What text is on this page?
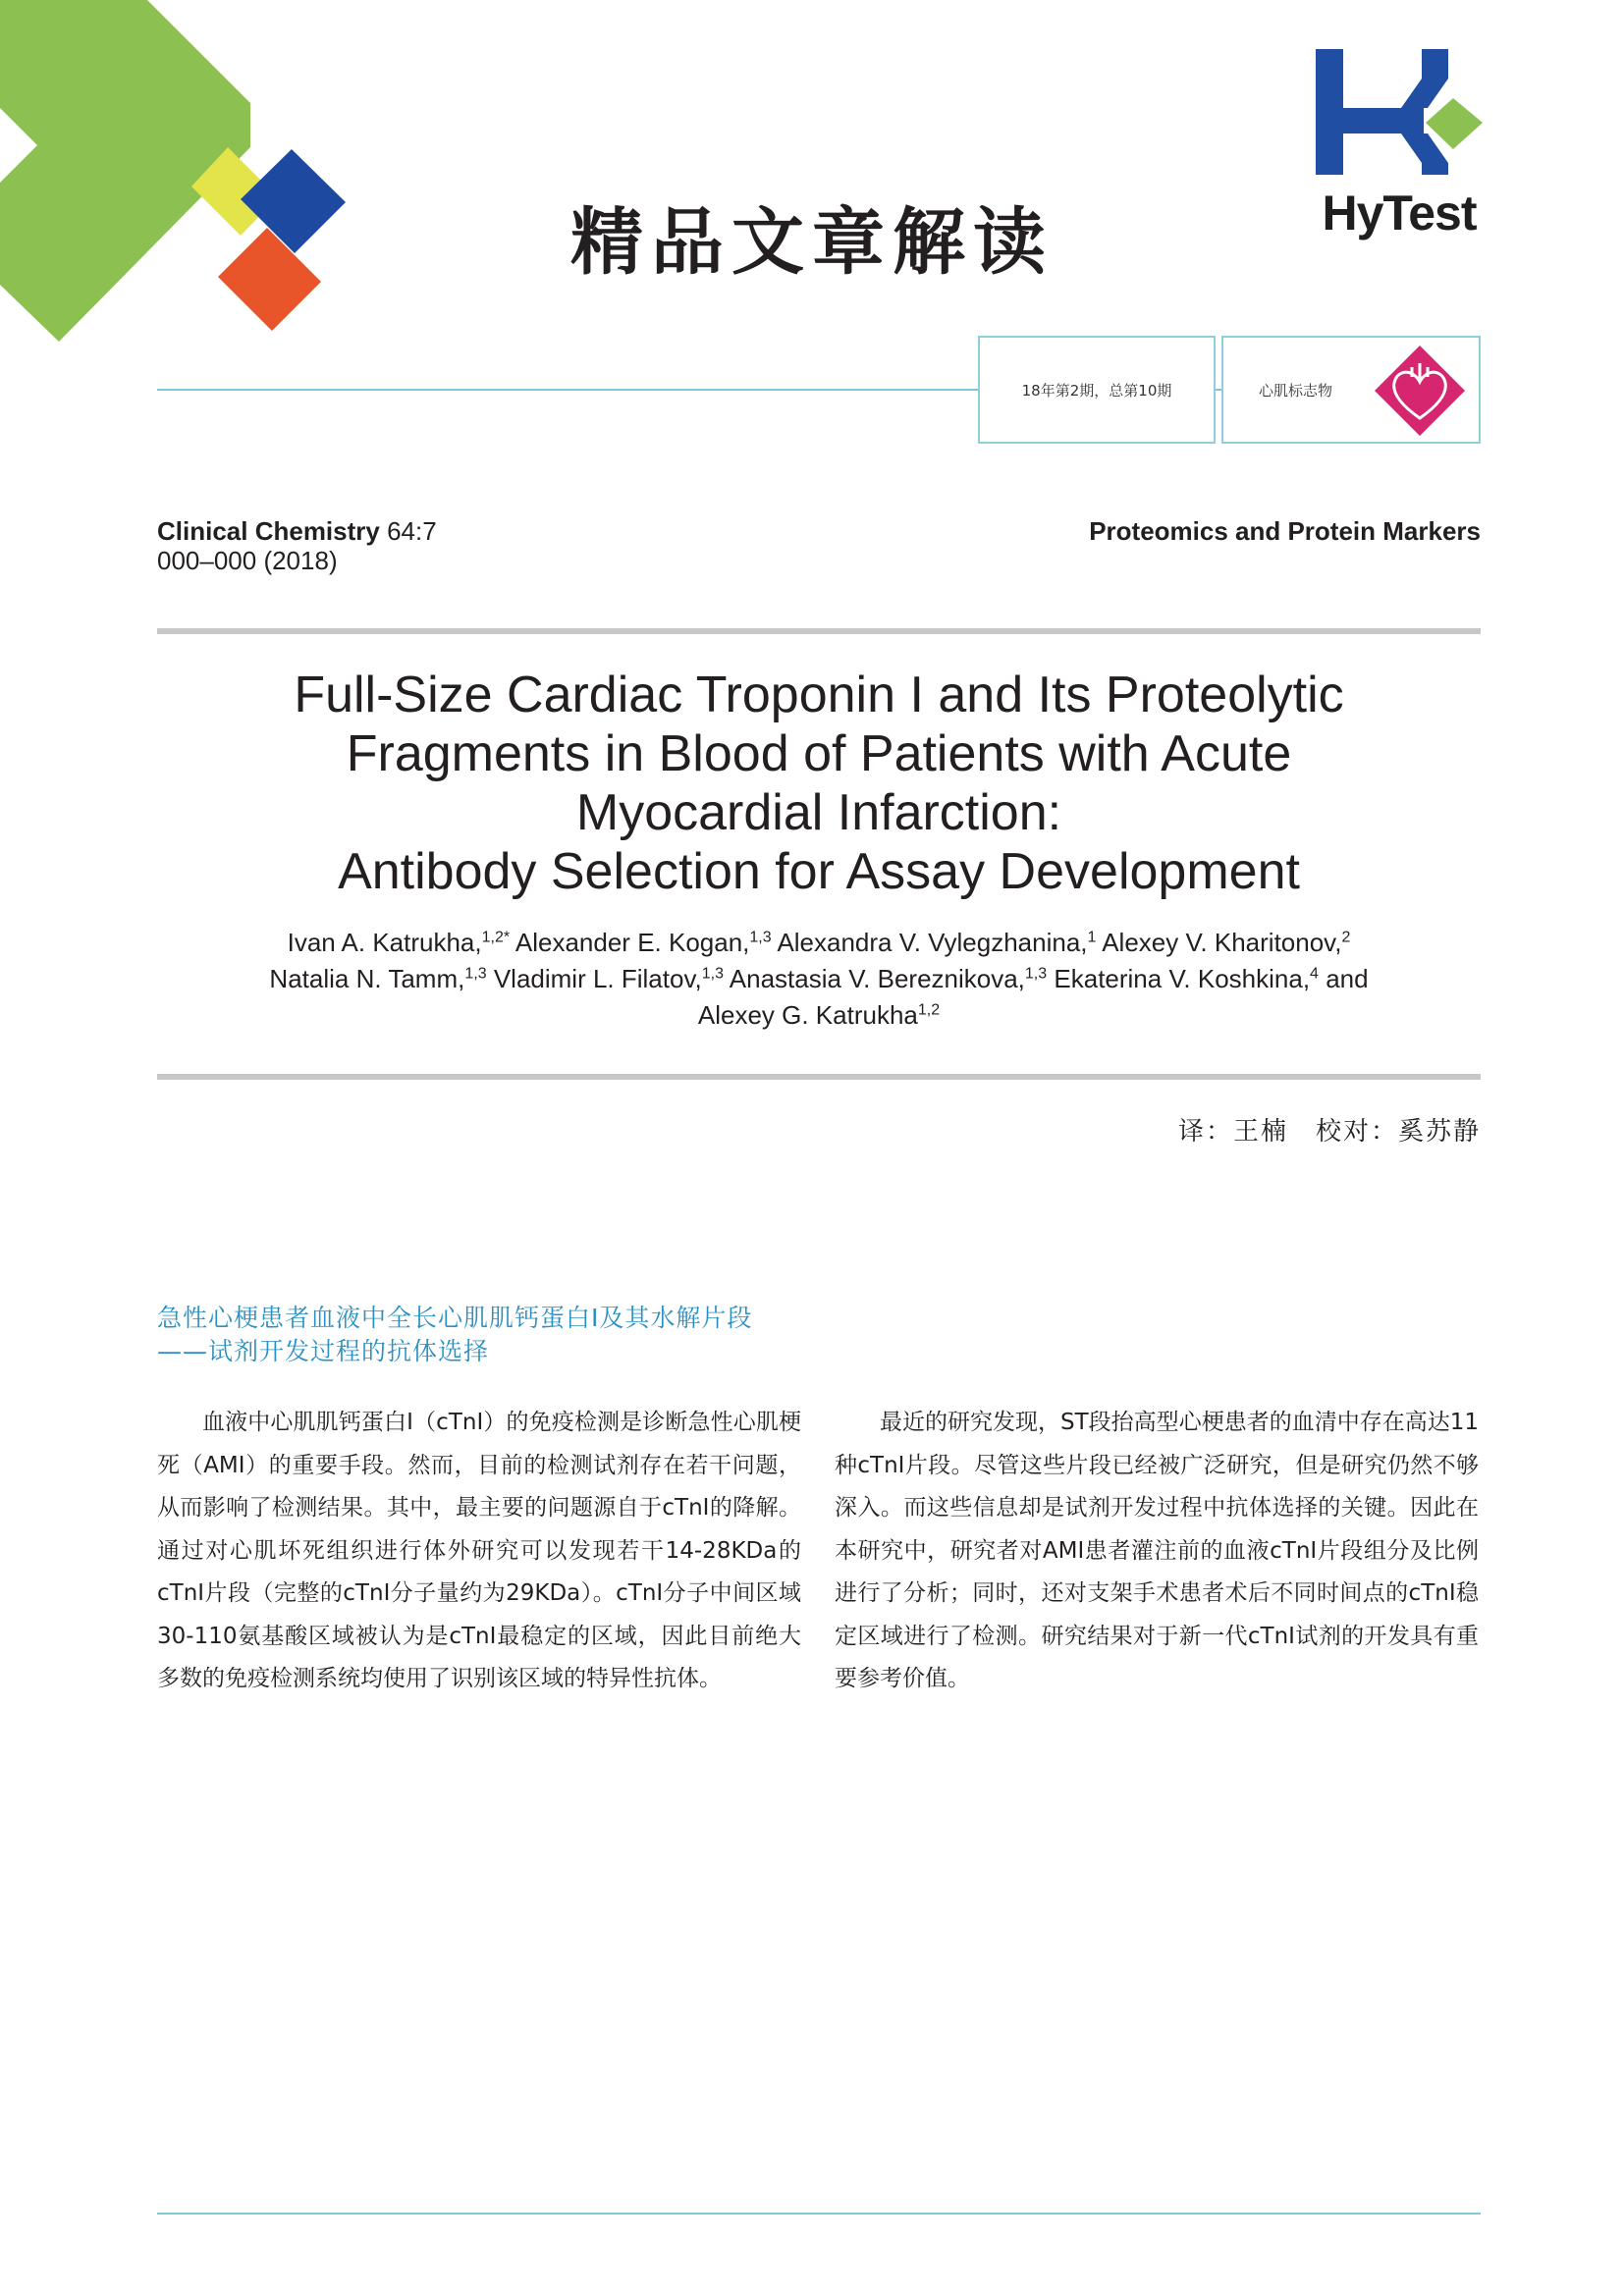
精品文章解读	HyTest
18年第2期，总第10期	心肌标志物
Clinical Chemistry 64:7
000–000 (2018)
Proteomics and Protein Markers
Full-Size Cardiac Troponin I and Its Proteolytic
Fragments in Blood of Patients with Acute
Myocardial Infarction:
Antibody Selection for Assay Development
Ivan A. Katrukha,$^{1,2*}$ Alexander E. Kogan,$^{1,3}$ Alexandra V. Vylegzhanina,$^1$ Alexey V. Kharitonov,$^2$
Natalia N. Tamm,$^{1,3}$ Vladimir L. Filatov,$^{1,3}$ Anastasia V. Bereznikova,$^{1,3}$ Ekaterina V. Koshkina,$^4$ and
Alexey G. Katrukha$^{1,2}$
译：王楠　校对：奚苏静
急性心梗患者血液中全长心肌肌钙蛋白I及其水解片段
——试剂开发过程的抗体选择
血液中心肌肌钙蛋白I（cTnI）的免疫检测是诊断急性心肌梗死（AMI）的重要手段。然而，目前的检测试剂存在若干问题，从而影响了检测结果。其中，最主要的问题源自于cTnI的降解。通过对心肌坏死组织进行体外研究可以发现若干14-28KDa的cTnI片段（完整的cTnI分子量约为29KDa）。cTnI分子中间区域30-110氨基酸区域被认为是cTnI最稳定的区域，因此目前绝大多数的免疫检测系统均使用了识别该区域的特异性抗体。
最近的研究发现，ST段抬高型心梗患者的血清中存在高达11种cTnI片段。尽管这些片段已经被广泛研究，但是研究仍然不够深入。而这些信息却是试剂开发过程中抗体选择的关键。因此在本研究中，研究者对AMI患者灌注前的血液cTnI片段组分及比例进行了分析；同时，还对支架手术患者术后不同时间点的cTnI稳定区域进行了检测。研究结果对于新一代cTnI试剂的开发具有重要参考价值。
